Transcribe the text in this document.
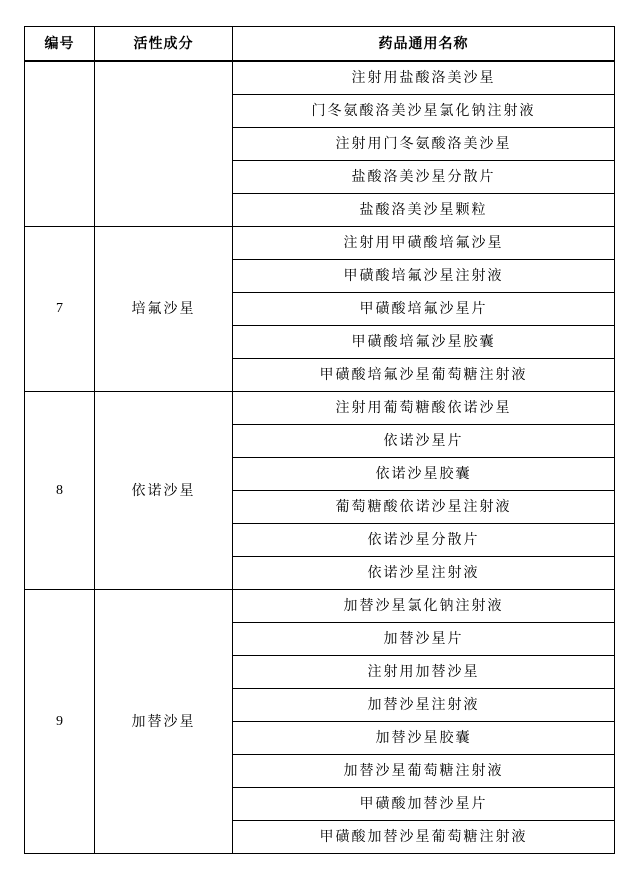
编号	活性成分	药品通用名称
		注射用盐酸洛美沙星
		门冬氨酸洛美沙星氯化钠注射液
		注射用门冬氨酸洛美沙星
		盐酸洛美沙星分散片
		盐酸洛美沙星颗粒
7	培氟沙星	注射用甲磺酸培氟沙星
		甲磺酸培氟沙星注射液
		甲磺酸培氟沙星片
		甲磺酸培氟沙星胶囊
		甲磺酸培氟沙星葡萄糖注射液
8	依诺沙星	注射用葡萄糖酸依诺沙星
		依诺沙星片
		依诺沙星胶囊
		葡萄糖酸依诺沙星注射液
		依诺沙星分散片
		依诺沙星注射液
9	加替沙星	加替沙星氯化钠注射液
		加替沙星片
		注射用加替沙星
		加替沙星注射液
		加替沙星胶囊
		加替沙星葡萄糖注射液
		甲磺酸加替沙星片
		甲磺酸加替沙星葡萄糖注射液
